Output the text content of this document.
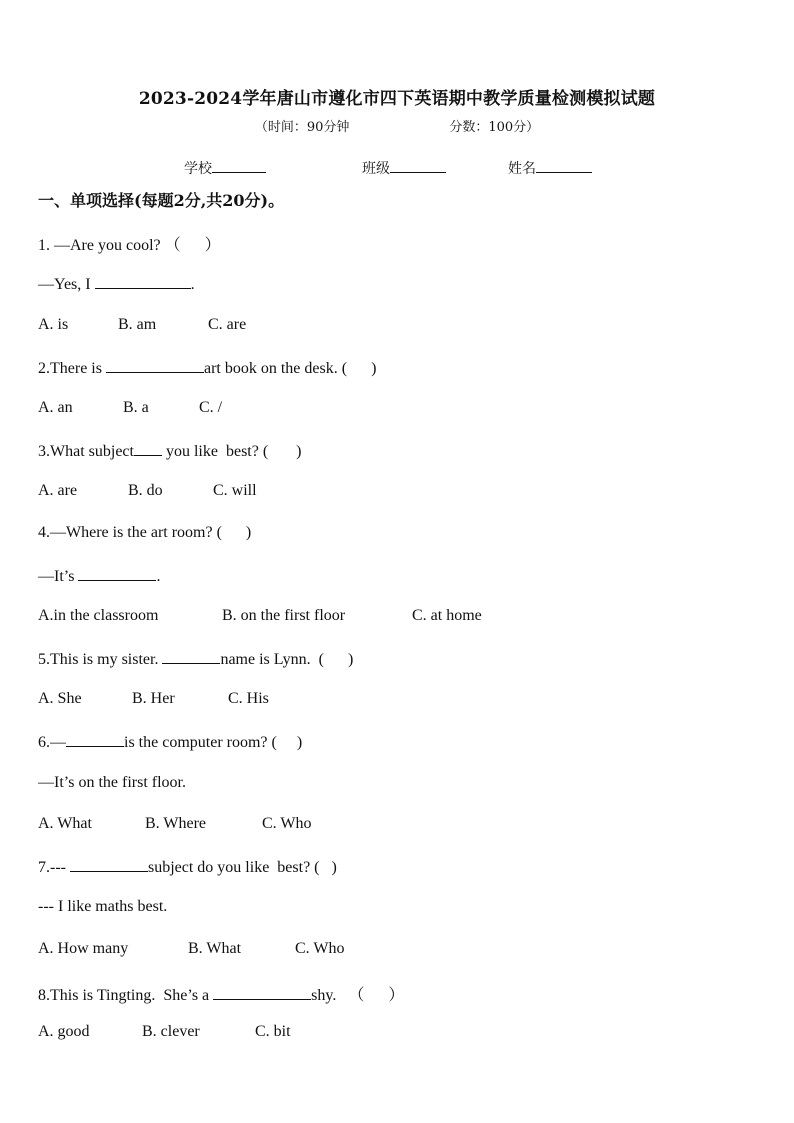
2023-2024学年唐山市遵化市四下英语期中教学质量检测模拟试题
（时间：90分钟	分数：100分）
学校	班级	姓名
一、单项选择(每题2分,共20分)。
1. —Are you cool? （      ）
—Yes, I	.
A. is	B. am	C. are
2.There is	art book on the desk. (      )
A. an	B. a	C. /
3.What subject you like  best? (       )
A. are	B. do	C. will
4.—Where is the art room? (      )
—It’s	.
A.in the classroom	B. on the first floor	C. at home
5.This is my sister.	name is Lynn.  (      )
A. She	B. Her	C. His
6.—	is the computer room? (     )
—It’s on the first floor.
A. What	B. Where	C. Who
7.---	subject do you like  best? (   )
--- I like maths best.
A. How many	B. What	C. Who
8.This is Tingting.  She’s a	shy.   （      ）
A. good	B. clever	C. bit
